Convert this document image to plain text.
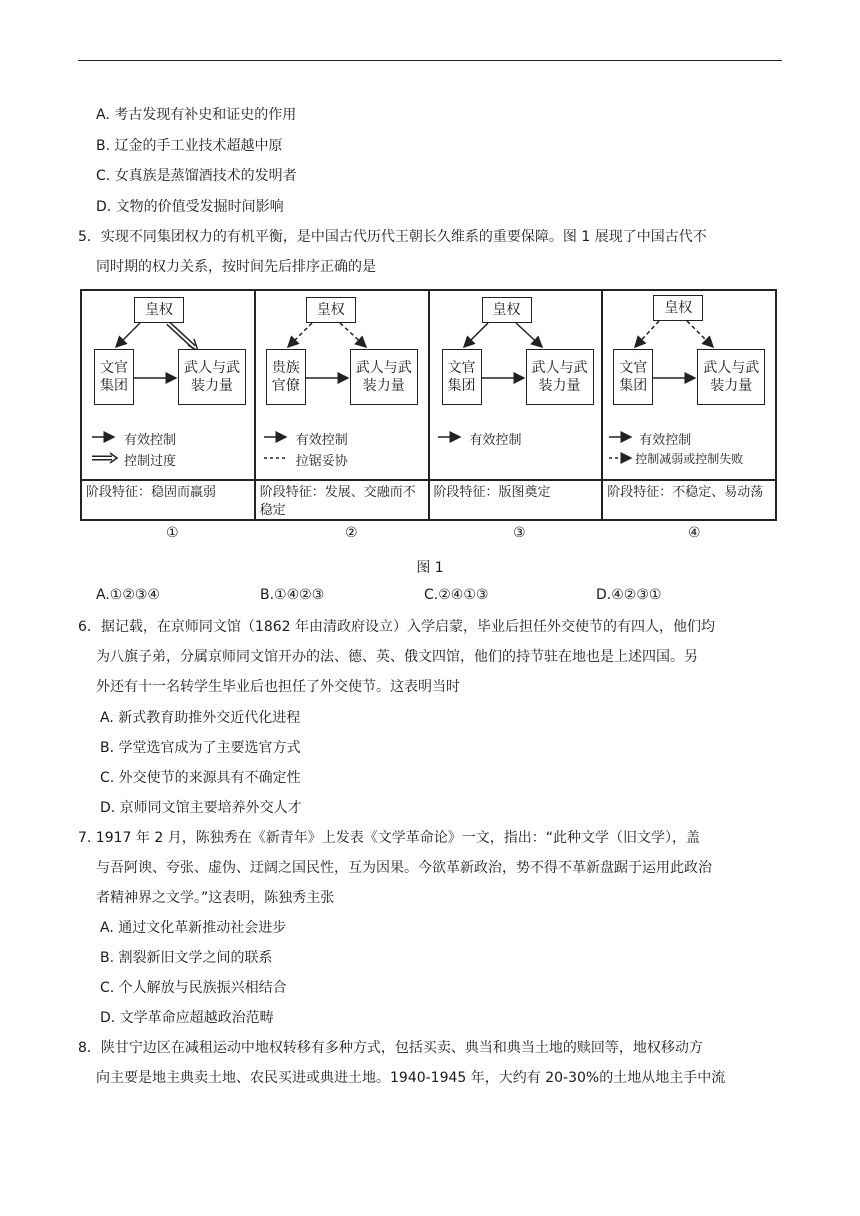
A. 考古发现有补史和证史的作用
B. 辽金的手工业技术超越中原
C. 女真族是蒸馏酒技术的发明者
D. 文物的价值受发掘时间影响
5．实现不同集团权力的有机平衡，是中国古代历代王朝长久维系的重要保障。图 1 展现了中国古代不
同时期的权力关系，按时间先后排序正确的是
皇权
文官集团
武人与武装力量
有效控制
控制过度
阶段特征：稳固而羸弱
皇权
贵族官僚
武人与武装力量
有效控制
拉锯妥协
阶段特征：发展、交融而不稳定
皇权
文官集团
武人与武装力量
有效控制
阶段特征：版图奠定
皇权
文官集团
武人与武装力量
有效控制
控制减弱或控制失败
阶段特征：不稳定、易动荡
①	②	③	④
图 1
A.①②③④	B.①④②③	C.②④①③	D.④②③①
6．据记载，在京师同文馆（1862 年由清政府设立）入学启蒙，毕业后担任外交使节的有四人，他们均
为八旗子弟，分属京师同文馆开办的法、德、英、俄文四馆，他们的持节驻在地也是上述四国。另
外还有十一名转学生毕业后也担任了外交使节。这表明当时
A. 新式教育助推外交近代化进程
B. 学堂选官成为了主要选官方式
C. 外交使节的来源具有不确定性
D. 京师同文馆主要培养外交人才
7. 1917 年 2 月，陈独秀在《新青年》上发表《文学革命论》一文，指出：“此种文学（旧文学），盖
与吾阿谀、夸张、虚伪、迂阔之国民性，互为因果。今欲革新政治，势不得不革新盘踞于运用此政治
者精神界之文学。”这表明，陈独秀主张
A. 通过文化革新推动社会进步
B. 割裂新旧文学之间的联系
C. 个人解放与民族振兴相结合
D. 文学革命应超越政治范畴
8．陕甘宁边区在减租运动中地权转移有多种方式，包括买卖、典当和典当土地的赎回等，地权移动方
向主要是地主典卖土地、农民买进或典进土地。1940-1945 年，大约有 20-30%的土地从地主手中流
